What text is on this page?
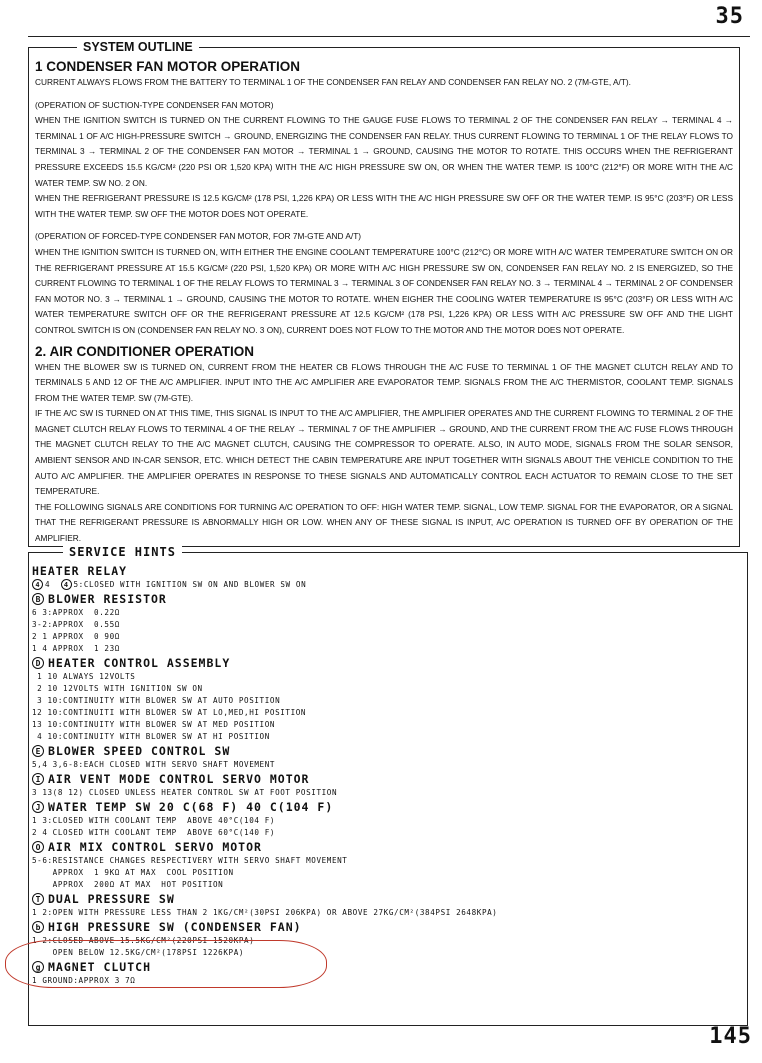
35
SYSTEM OUTLINE
1 CONDENSER FAN MOTOR OPERATION

CURRENT ALWAYS FLOWS FROM THE BATTERY TO TERMINAL 1 OF THE CONDENSER FAN RELAY AND CONDENSER FAN RELAY NO. 2 (7M-GTE, A/T).

(OPERATION OF SUCTION-TYPE CONDENSER FAN MOTOR)

WHEN THE IGNITION SWITCH IS TURNED ON THE CURRENT FLOWING TO THE GAUGE FUSE FLOWS TO TERMINAL 2 OF THE CONDENSER FAN RELAY → TERMINAL 4 → TERMINAL 1 OF A/C HIGH-PRESSURE SWITCH → GROUND, ENERGIZING THE CONDENSER FAN RELAY. THUS CURRENT FLOWING TO TERMINAL 1 OF THE RELAY FLOWS TO TERMINAL 3 → TERMINAL 2 OF THE CONDENSER FAN MOTOR → TERMINAL 1 → GROUND, CAUSING THE MOTOR TO ROTATE. THIS OCCURS WHEN THE REFRIGERANT PRESSURE EXCEEDS 15.5 KG/CM² (220 PSI OR 1,520 KPA) WITH THE A/C HIGH PRESSURE SW ON, OR WHEN THE WATER TEMP. IS 100°C (212°F) OR MORE WITH THE A/C WATER TEMP. SW NO. 2 ON.

WHEN THE REFRIGERANT PRESSURE IS 12.5 KG/CM² (178 PSI, 1,226 KPA) OR LESS WITH THE A/C HIGH PRESSURE SW OFF OR THE WATER TEMP. IS 95°C (203°F) OR LESS WITH THE WATER TEMP. SW OFF THE MOTOR DOES NOT OPERATE.

(OPERATION OF FORCED-TYPE CONDENSER FAN MOTOR, FOR 7M-GTE AND A/T)

WHEN THE IGNITION SWITCH IS TURNED ON, WITH EITHER THE ENGINE COOLANT TEMPERATURE 100°C (212°C) OR MORE WITH A/C WATER TEMPERATURE SWITCH ON OR THE REFRIGERANT PRESSURE AT 15.5 KG/CM² (220 PSI, 1,520 KPA) OR MORE WITH A/C HIGH PRESSURE SW ON, CONDENSER FAN RELAY NO. 2 IS ENERGIZED, SO THE CURRENT FLOWING TO TERMINAL 1 OF THE RELAY FLOWS TO TERMINAL 3 → TERMINAL 3 OF CONDENSER FAN RELAY NO. 3 → TERMINAL 4 → TERMINAL 2 OF CONDENSER FAN MOTOR NO. 3 → TERMINAL 1 → GROUND, CAUSING THE MOTOR TO ROTATE. WHEN EIGHER THE COOLING WATER TEMPERATURE IS 95°C (203°F) OR LESS WITH A/C WATER TEMPERATURE SWITCH OFF OR THE REFRIGERANT PRESSURE AT 12.5 KG/CM² (178 PSI, 1,226 KPA) OR LESS WITH A/C PRESSURE SW OFF AND THE LIGHT CONTROL SWITCH IS ON (CONDENSER FAN RELAY NO. 3 ON), CURRENT DOES NOT FLOW TO THE MOTOR AND THE MOTOR DOES NOT OPERATE.

2. AIR CONDITIONER OPERATION

WHEN THE BLOWER SW IS TURNED ON, CURRENT FROM THE HEATER CB FLOWS THROUGH THE A/C FUSE TO TERMINAL 1 OF THE MAGNET CLUTCH RELAY AND TO TERMINALS 5 AND 12 OF THE A/C AMPLIFIER. INPUT INTO THE A/C AMPLIFIER ARE EVAPORATOR TEMP. SIGNALS FROM THE A/C THERMISTOR, COOLANT TEMP. SIGNALS FROM THE WATER TEMP. SW (7M-GTE).

IF THE A/C SW IS TURNED ON AT THIS TIME, THIS SIGNAL IS INPUT TO THE A/C AMPLIFIER, THE AMPLIFIER OPERATES AND THE CURRENT FLOWING TO TERMINAL 2 OF THE MAGNET CLUTCH RELAY FLOWS TO TERMINAL 4 OF THE RELAY → TERMINAL 7 OF THE AMPLIFIER → GROUND, AND THE CURRENT FROM THE A/C FUSE FLOWS THROUGH THE MAGNET CLUTCH RELAY TO THE A/C MAGNET CLUTCH, CAUSING THE COMPRESSOR TO OPERATE. ALSO, IN AUTO MODE, SIGNALS FROM THE SOLAR SENSOR, AMBIENT SENSOR AND IN-CAR SENSOR, ETC. WHICH DETECT THE CABIN TEMPERATURE ARE INPUT TOGETHER WITH SIGNALS ABOUT THE VEHICLE CONDITION TO THE AUTO A/C AMPLIFIER. THE AMPLIFIER OPERATES IN RESPONSE TO THESE SIGNALS AND AUTOMATICALLY CONTROL EACH ACTUATOR TO REMAIN CLOSE TO THE SET TEMPERATURE.

THE FOLLOWING SIGNALS ARE CONDITIONS FOR TURNING A/C OPERATION TO OFF: HIGH WATER TEMP. SIGNAL, LOW TEMP. SIGNAL FOR THE EVAPORATOR, OR A SIGNAL THAT THE REFRIGERANT PRESSURE IS ABNORMALLY HIGH OR LOW. WHEN ANY OF THESE SIGNAL IS INPUT, A/C OPERATION IS TURNED OFF BY OPERATION OF THE AMPLIFIER.

SERVICE HINTS
HEATER RELAY
4 4 4 5:CLOSED WITH IGNITION SW ON AND BLOWER SW ON
B BLOWER RESISTOR
6 3:APPROX  0.22Ω
3-2:APPROX  0.55Ω
2 1 APPROX  0 90Ω
1 4 APPROX  1 23Ω
D HEATER CONTROL ASSEMBLY
1 10 ALWAYS 12VOLTS
2 10 12VOLTS WITH IGNITION SW ON
3 10:CONTINUITY WITH BLOWER SW AT AUTO POSITION
12 10:CONTINUITI WITH BLOWER SW AT LO,MED,HI POSITION
13 10:CONTINUITY WITH BLOWER SW AT MED POSITION
4 10:CONTINUITY WITH BLOWER SW AT HI POSITION
E BLOWER SPEED CONTROL SW
5,4 3,6-8:EACH CLOSED WITH SERVO SHAFT MOVEMENT
I AIR VENT MODE CONTROL SERVO MOTOR
3 13(8 12) CLOSED UNLESS HEATER CONTROL SW AT FOOT POSITION
J WATER TEMP SW 20 C(68 F) 40 C(104 F)
1 3:CLOSED WITH COOLANT TEMP  ABOVE 40°C(104 F)
2 4 CLOSED WITH COOLANT TEMP  ABOVE 60°C(140 F)
O AIR MIX CONTROL SERVO MOTOR
5-6:RESISTANCE CHANGES RESPECTIVERY WITH SERVO SHAFT MOVEMENT
APPROX  1 9KΩ AT MAX  COOL POSITION
APPROX  200Ω AT MAX  HOT POSITION
T DUAL PRESSURE SW
1 2:OPEN WITH PRESSURE LESS THAN 2 1KG/CM²(30PSI 206KPA) OR ABOVE 27KG/CM²(384PSI 2648KPA)
b HIGH PRESSURE SW (CONDENSER FAN)
1 2:CLOSED ABOVE 15.5KG/CM²(220PSI 1520KPA)
OPEN BELOW 12.5KG/CM²(178PSI 1226KPA)
g MAGNET CLUTCH
1 GROUND:APPROX 3 7Ω
145
